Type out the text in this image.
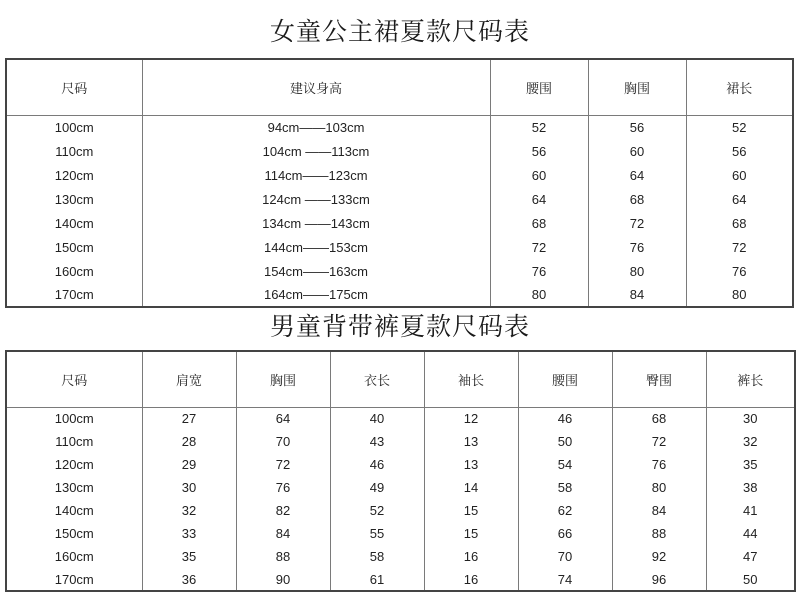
女童公主裙夏款尺码表
尺码	建议身高	腰围	胸围	裙长
100cm	94cm——103cm	52	56	52
110cm	104cm ——113cm	56	60	56
120cm	114cm——123cm	60	64	60
130cm	124cm ——133cm	64	68	64
140cm	134cm ——143cm	68	72	68
150cm	144cm——153cm	72	76	72
160cm	154cm——163cm	76	80	76
170cm	164cm——175cm	80	84	80
男童背带裤夏款尺码表
尺码	肩宽	胸围	衣长	袖长	腰围	臀围	裤长
100cm	27	64	40	12	46	68	30
110cm	28	70	43	13	50	72	32
120cm	29	72	46	13	54	76	35
130cm	30	76	49	14	58	80	38
140cm	32	82	52	15	62	84	41
150cm	33	84	55	15	66	88	44
160cm	35	88	58	16	70	92	47
170cm	36	90	61	16	74	96	50
